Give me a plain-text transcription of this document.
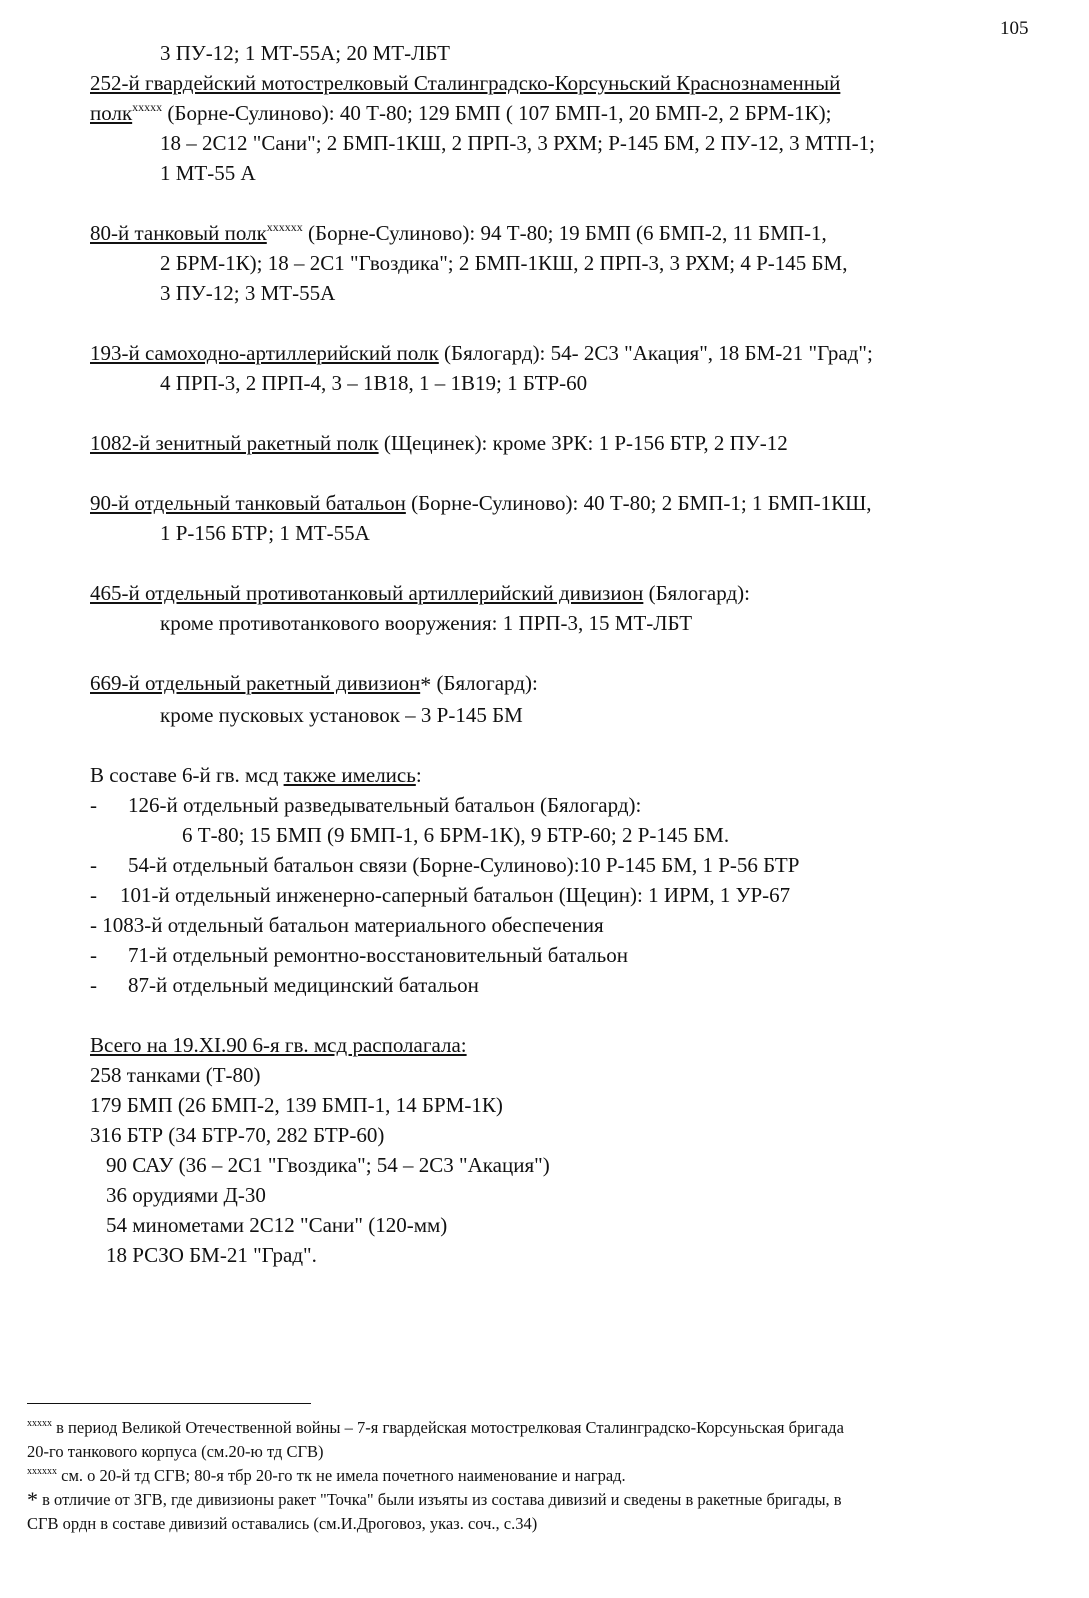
105
3 ПУ-12; 1 МТ-55А; 20 МТ-ЛБТ
252-й гвардейский мотострелковый Сталинградско-Корсуньский Краснознаменный
полк$^{xxxxx}$ (Борне-Сулиново): 40 Т-80; 129 БМП ( 107 БМП-1, 20 БМП-2, 2 БРМ-1К);
18 – 2С12 "Сани"; 2 БМП-1КШ, 2 ПРП-3, 3 РХМ; Р-145 БМ, 2 ПУ-12, 3 МТП-1;
1 МТ-55 А
80-й танковый полк$^{xxxxxx}$ (Борне-Сулиново): 94 Т-80; 19 БМП (6 БМП-2, 11 БМП-1,
2 БРМ-1К); 18 – 2С1 "Гвоздика"; 2 БМП-1КШ, 2 ПРП-3, 3 РХМ; 4 Р-145 БМ,
3 ПУ-12; 3 МТ-55А
193-й самоходно-артиллерийский полк (Бялогард): 54- 2С3 "Акация", 18 БМ-21 "Град";
4 ПРП-3, 2 ПРП-4, 3 – 1В18, 1 – 1В19; 1 БТР-60
1082-й зенитный ракетный полк (Щецинек): кроме ЗРК: 1 Р-156 БТР, 2 ПУ-12
90-й отдельный танковый батальон (Борне-Сулиново): 40 Т-80; 2 БМП-1; 1 БМП-1КШ,
1 Р-156 БТР; 1 МТ-55А
465-й отдельный противотанковый артиллерийский дивизион (Бялогард):
кроме противотанкового вооружения: 1 ПРП-3, 15 МТ-ЛБТ
669-й отдельный ракетный дивизион* (Бялогард):
кроме пусковых установок – 3 Р-145 БМ
В составе 6-й гв. мсд также имелись:
- 126-й отдельный разведывательный батальон (Бялогард):
6 Т-80; 15 БМП (9 БМП-1, 6 БРМ-1К), 9 БТР-60; 2 Р-145 БМ.
- 54-й отдельный батальон связи (Борне-Сулиново):10 Р-145 БМ, 1 Р-56 БТР
- 101-й отдельный инженерно-саперный батальон (Щецин): 1 ИРМ, 1 УР-67
- 1083-й отдельный батальон материального обеспечения
- 71-й отдельный ремонтно-восстановительный батальон
- 87-й отдельный медицинский батальон
Всего на 19.XI.90 6-я гв. мсд располагала:
258 танками (Т-80)
179 БМП (26 БМП-2, 139 БМП-1, 14 БРМ-1К)
316 БТР (34 БТР-70, 282 БТР-60)
90 САУ (36 – 2С1 "Гвоздика"; 54 – 2С3 "Акация")
36 орудиями Д-30
54 минометами 2С12 "Сани" (120-мм)
18 РСЗО БМ-21 "Град".
$^{xxxxx}$ в период Великой Отечественной войны – 7-я гвардейская мотострелковая Сталинградско-Корсуньская бригада
20-го танкового корпуса (см.20-ю тд СГВ)
$^{xxxxxx}$ см. о 20-й тд СГВ; 80-я тбр 20-го тк не имела почетного наименование и наград.
* в отличие от ЗГВ, где дивизионы ракет "Точка" были изъяты из состава дивизий и сведены в ракетные бригады, в
СГВ ордн в составе дивизий оставались (см.И.Дроговоз, указ. соч., с.34)
